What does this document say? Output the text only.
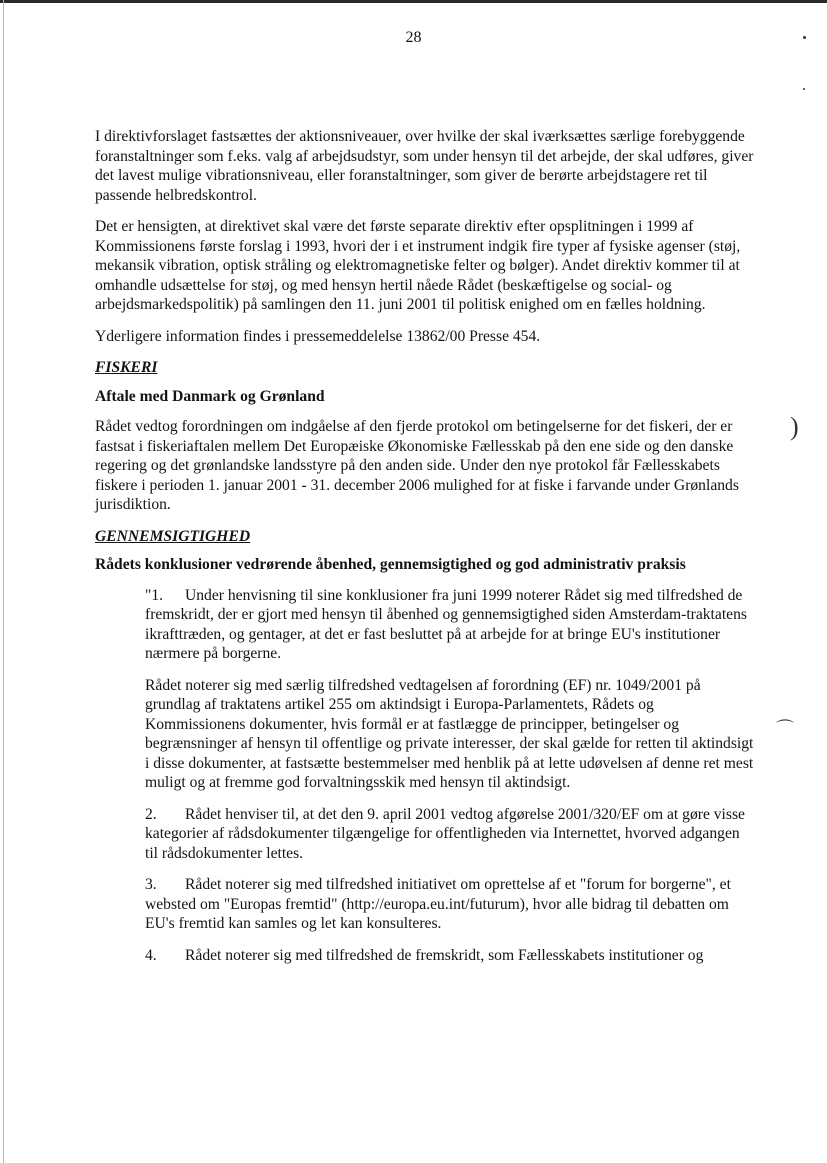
)
⌒
28

I direktivforslaget fastsættes der aktionsniveauer, over hvilke der skal iværksættes særlige forebyggende foranstaltninger som f.eks. valg af arbejdsudstyr, som under hensyn til det arbejde, der skal udføres, giver det lavest mulige vibrationsniveau, eller foranstaltninger, som giver de berørte arbejdstagere ret til passende helbredskontrol.

Det er hensigten, at direktivet skal være det første separate direktiv efter opsplitningen i 1999 af Kommissionens første forslag i 1993, hvori der i et instrument indgik fire typer af fysiske agenser (støj, mekansik vibration, optisk stråling og elektromagnetiske felter og bølger). Andet direktiv kommer til at omhandle udsættelse for støj, og med hensyn hertil nåede Rådet (beskæftigelse og social- og arbejdsmarkedspolitik) på samlingen den 11. juni 2001 til politisk enighed om en fælles holdning.

Yderligere information findes i pressemeddelelse 13862/00 Presse 454.

FISKERI
Aftale med Danmark og Grønland

Rådet vedtog forordningen om indgåelse af den fjerde protokol om betingelserne for det fiskeri, der er fastsat i fiskeriaftalen mellem Det Europæiske Økonomiske Fællesskab på den ene side og den danske regering og det grønlandske landsstyre på den anden side. Under den nye protokol får Fællesskabets fiskere i perioden 1. januar 2001 - 31. december 2006 mulighed for at fiske i farvande under Grønlands jurisdiktion.

GENNEMSIGTIGHED
Rådets konklusioner vedrørende åbenhed, gennemsigtighed og god administrativ praksis

"1. Under henvisning til sine konklusioner fra juni 1999 noterer Rådet sig med tilfredshed de fremskridt, der er gjort med hensyn til åbenhed og gennemsigtighed siden Amsterdam-traktatens ikrafttræden, og gentager, at det er fast besluttet på at arbejde for at bringe EU's institutioner nærmere på borgerne.

Rådet noterer sig med særlig tilfredshed vedtagelsen af forordning (EF) nr. 1049/2001 på grundlag af traktatens artikel 255 om aktindsigt i Europa-Parlamentets, Rådets og Kommissionens dokumenter, hvis formål er at fastlægge de principper, betingelser og begrænsninger af hensyn til offentlige og private interesser, der skal gælde for retten til aktindsigt i disse dokumenter, at fastsætte bestemmelser med henblik på at lette udøvelsen af denne ret mest muligt og at fremme god forvaltningsskik med hensyn til aktindsigt.

2. Rådet henviser til, at det den 9. april 2001 vedtog afgørelse 2001/320/EF om at gøre visse kategorier af rådsdokumenter tilgængelige for offentligheden via Internettet, hvorved adgangen til rådsdokumenter lettes.

3. Rådet noterer sig med tilfredshed initiativet om oprettelse af et "forum for borgerne", et websted om "Europas fremtid" (http://europa.eu.int/futurum), hvor alle bidrag til debatten om EU's fremtid kan samles og let kan konsulteres.

4. Rådet noterer sig med tilfredshed de fremskridt, som Fællesskabets institutioner og
